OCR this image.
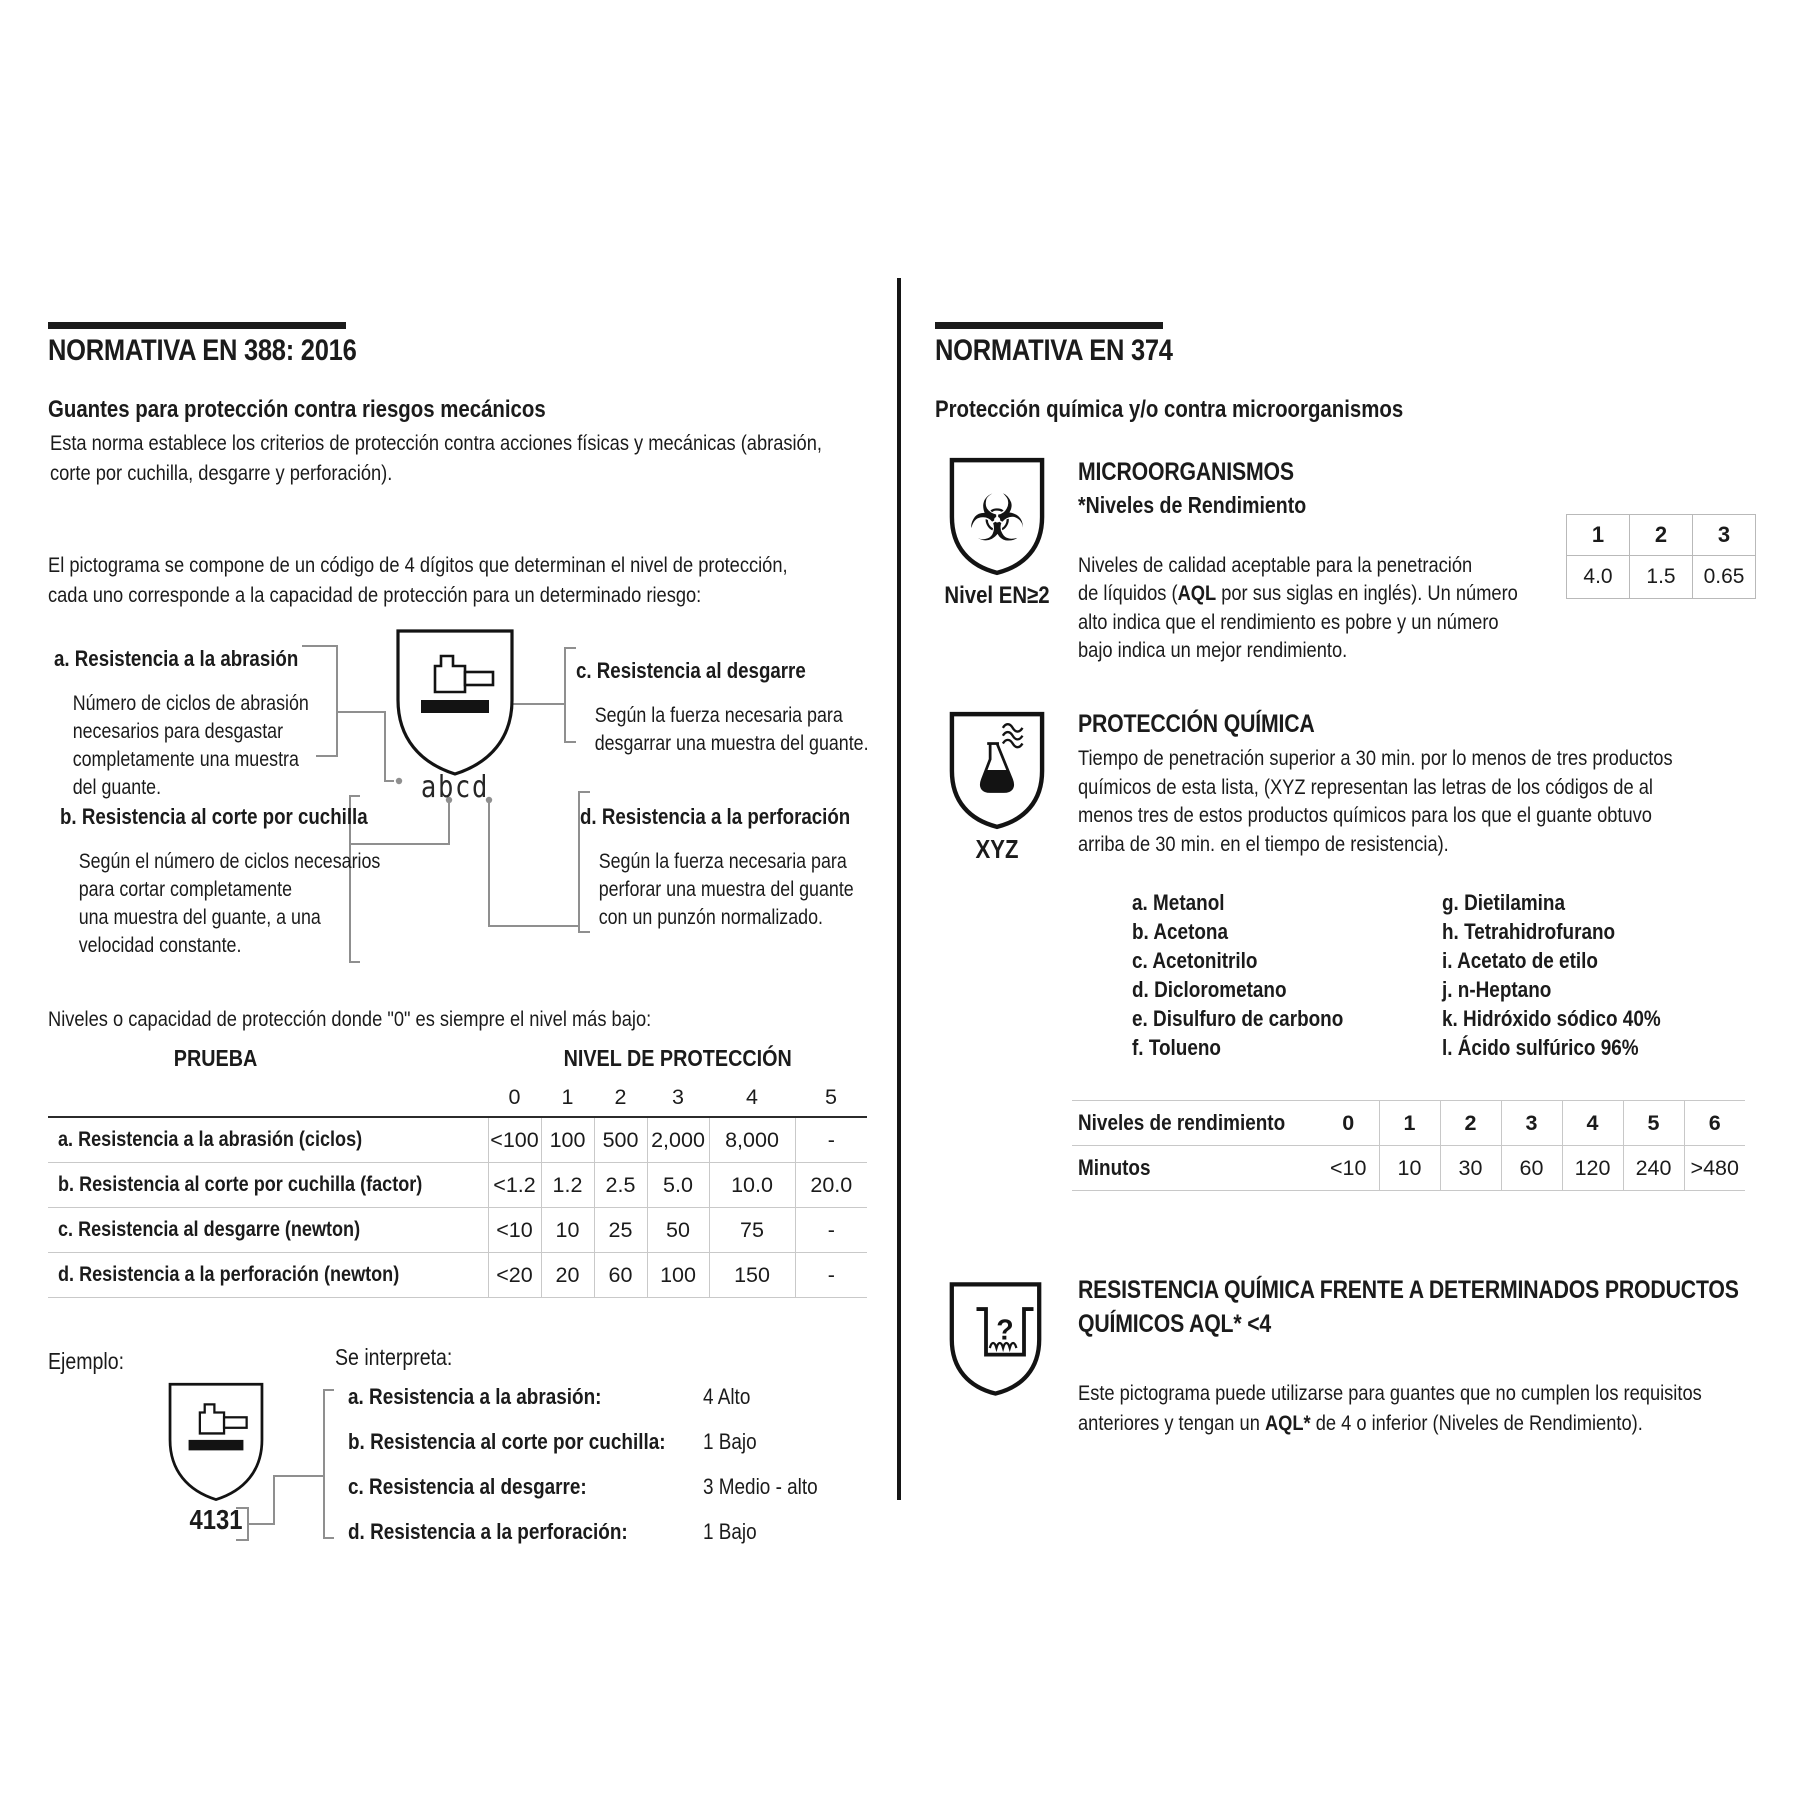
NORMATIVA EN 388: 2016
Guantes para protección contra riesgos mecánicos
Esta norma establece los criterios de protección contra acciones físicas y mecánicas (abrasión,
corte por cuchilla, desgarre y perforación).
El pictograma se compone de un código de 4 dígitos que determinan el nivel de protección,
cada uno corresponde a la capacidad de protección para un determinado riesgo:

a. Resistencia a la abrasión

Número de ciclos de abrasión
necesarios para desgastar
completamente una muestra
del guante.

b. Resistencia al corte por cuchilla

Según el número de ciclos necesarios
para cortar completamente
una muestra del guante, a una
velocidad constante.

abcd

c. Resistencia al desgarre

Según la fuerza necesaria para
desgarrar una muestra del guante.

d. Resistencia a la perforación

Según la fuerza necesaria para
perforar una muestra del guante
con un punzón normalizado.

Niveles o capacidad de protección donde "0" es siempre el nivel más bajo:
PRUEBA	NIVEL DE PROTECCIÓN					
	0	1	2	3	4	5
a. Resistencia a la abrasión (ciclos)	<100	100	500	2,000	8,000	-
b. Resistencia al corte por cuchilla (factor)	<1.2	1.2	2.5	5.0	10.0	20.0
c. Resistencia al desgarre (newton)	<10	10	25	50	75	-
d. Resistencia a la perforación (newton)	<20	20	60	100	150	-
Ejemplo:
4131
Se interpreta:
a. Resistencia a la abrasión:	4 Alto
b. Resistencia al corte por cuchilla:	1 Bajo
c. Resistencia al desgarre:	3 Medio - alto
d. Resistencia a la perforación:	1 Bajo
NORMATIVA EN 374
Protección química y/o contra microorganismos
☣
Nivel EN≥2
MICROORGANISMOS
*Niveles de Rendimiento

Niveles de calidad aceptable para la penetración
de líquidos (AQL por sus siglas en inglés). Un número
alto indica que el rendimiento es pobre y un número
bajo indica un mejor rendimiento.

1	2	3
4.0	1.5	0.65
XYZ
PROTECCIÓN QUÍMICA
Tiempo de penetración superior a 30 min. por lo menos de tres productos
químicos de esta lista, (XYZ representan las letras de los códigos de al
menos tres de estos productos químicos para los que el guante obtuvo
arriba de 30 min. en el tiempo de resistencia).
a. Metanol
b. Acetona
c. Acetonitrilo
d. Diclorometano
e. Disulfuro de carbono
f. Tolueno
g. Dietilamina
h. Tetrahidrofurano
i. Acetato de etilo
j. n-Heptano
k. Hidróxido sódico 40%
l. Ácido sulfúrico 96%
Niveles de rendimiento	0	1	2	3	4	5	6
Minutos	<10	10	30	60	120	240	>480
?
RESISTENCIA QUÍMICA FRENTE A DETERMINADOS PRODUCTOS
QUÍMICOS AQL* <4

Este pictograma puede utilizarse para guantes que no cumplen los requisitos
anteriores y tengan un AQL* de 4 o inferior (Niveles de Rendimiento).
